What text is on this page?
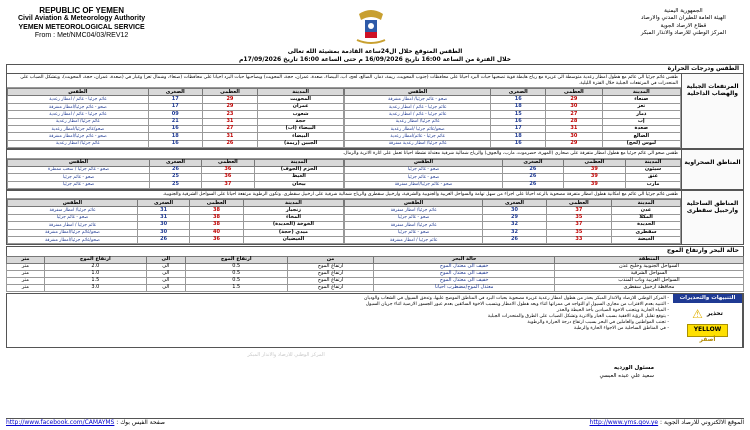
REPUBLIC OF YEMEN
Civil Aviation & Meteorology Authority
YEMEN METEOROLOGICAL SERVICE
From : Met/NMC04/03/REV12
الجمهورية اليمنية
الهيئة العامة للطيران المدني والارصاد
قطاع الارصاد الجوية
المركز الوطني للارصاد والانذار المبكر
الطقس المتوقع خلال ال24ساعة القادمة بمشيئة الله تعالى
خلال الفترة من الساعة 16:00 تاريخ 16/09/2026 م حتى الساعة 16:00 تاريخ 17/09/2026م
الطقس ودرجات الحرارة
المرتفعات الجبلية والهضاب الداخلية
طقس غائم جزئيا الى غائم مع هطول امطار رعدية متوسطة الى غزيرة مع رياح هابطة قوية تصحبها حبات البرد احيانا على محافظات (جنوب المحويت، ريمة، ذمار، الضالع، لحج، اب، البيضاء، صعدة، عمران، حجة، المحويت) ويصاحبها حبات البرد احيانا على محافظات (صنعاء، وشمال تعز) وغبار في (صعدة، عمران، حجة، المحويت)، ويتشكل الضباب على المنحدرات في المرتفعات الجبلية خلال الفترة الليلية.
المدينة	العظمى	الصغرى	الطقس
صنعاء	29	16	صحو - غائم جزئيا/ امطار متفرقة
تعز	30	18	غائم جزئيا - غائم / امطار رعدية
ذمار	27	15	غائم جزئيا - غائم / امطار رعدية
إب	28	16	غائم جزئيا/ امطار رعدية
صعدة	31	17	صحو/غائم جزئيا /امطار رعدية
الضالع	30	18	غائم جزئيا - غائم/امطار رعدية
لبوس (لحج)	29	16	غائم جزئيا/ امطار رعدية متفرقة
المدينة	العظمى	الصغرى	الطقس
المحويت	29	17	غائم جزئيا - غائم / امطار رعدية
عمران	29	17	صحو - غائم جزئيا/امطار متفرقة
شعوب	23	09	غائم جزئيا - غائم / امطار رعدية
حجة	31	21	غائم جزئيا/ امطار رعدية
البيضاء (اب)	27	16	صحو/غائم جزئيا/امطار رعدية
البيضاء	31	18	صحو - غائم جزئيا/امطار متفرقة
الجبين (ريمة)	26	16	غائم جزئيا/ امطار رعدية
المناطق الصحراوية
طقس صحو الى غائم جزئيا مع هطول امطار متفرقة على صحاري (المهرة، حضرموت، مارب، والجوف) والرياح شمالية شرقية معتدلة نشطة احيانا تعمل على اثارة الاتربة والرمال.
المدينة	العظمى	الصغرى	الطقس
سيئون	39	26	صحو - غائم جزئيا
عتق	39	26	صحو - غائم جزئيا
مارب	39	26	صحو - غائم جزئيا/امطار متفرقة
المدينة	العظمى	الصغرى	الطقس
الحزم (الجوف)	36	26	صحو - غائم جزئيا / سحب ممطرة
الغيظ	36	25	صحو - غائم جزئيا
بيحان	37	25	صحو - غائم جزئيا
المناطق الساحلية وارخبيل سقطرى
طقس غائم جزئيا الى غائم مع امكانية هطول امطار متفرقة مصحوبة بالرعد احيانا على اجزاء من سهل تهامة والسواحل الغربية والجنوبية والشرقية، وارخبيل سقطرى والرياح شمالية شرقية على ارخبيل سقطرى. وتكون الرطوبة مرتفعة احيانا على السواحل الشرقية والجنوبية.
المدينة	العظمى	الصغرى	الطقس
عدن	37	30	غائم جزئيا/ امطار متفرقة
المكلا	35	29	صحو - غائم جزئيا
الحديدة	37	32	غائم جزئيا/ امطار متفرقة
سقطرى	35	32	صحو - غائم جزئيا
الغيضة	33	26	غائم جزئيا / امطار متفرقة
المدينة	العظمى	الصغرى	الطقس
زنجبار	38	31	غائم جزئيا/ امطار متفرقة
المخاء	38	31	صحو - غائم جزئيا
الخوخة (الحديدة)	38	30	غائم جزئيا / امطار متفرقة
ميدي (حجة)	40	30	صحو/غائم جزئيا/امطار متفرقة
الغيضيان	36	26	صحو/غائم جزئيا/امطار متفرقة
حالة البحر وارتفاع الموج
المنطقة	حالة البحر	من	ارتفاع الموج	الى	ارتفاع الموج	متر
السواحل الجنوبية وخليج عدن	خفيف الى معتدل الموج	ارتفاع الموج	0.5	الى	2.0	متر
السواحل الشرقية	خفيف الى معتدل الموج	ارتفاع الموج	0.5	الى	1.0	متر
السواحل الغربية وباب المندب	خفيف الى معتدل الموج	ارتفاع الموج	0.5	الى	1.5	متر
محافظة ارخبيل سقطرى	معتدل الموج/مضطرب احيانا	ارتفاع الموج	1.5	الى	3.0	متر
- المركز الوطني للارصاد والانذار المبكر يحذر من هطول امطار رعدية غزيرة مصحوبة بحبات البرد في المناطق الموضح عليها، وتدفق السيول في الشعاب والوديان
- التنبيه بعدم الاقتراب من مجاري السيول او التواجد في ممراتها اثناء وبعد هطول الامطار ويتسبب الاخوة السائقين بعدم عبور الجسور الارضية اثناء جريان السيول
- المياه الجارية ويتجنب الاخوة الصيادين بأخذ الحيطة والحذر
- يتوقع تقليل الرؤية الافقية بسبب الغبار والاتربة وتشكل الضباب على الطرق والمنحدرات الجبلية
- تجنب المواطنين والعاملين في البحر بسبب ارتفاع درجة الحرارة والرطوبة
- في المناطق الساحلية من الاجواء الحارة والرطبة
التنبيهات والتحذيرات
⚠ تحذير
YELLOW
أصفر
المركز الوطني للارصاد والانذار المبكر
مسئول الورديه
سعيد علي عبده العبسي
http://www.facebook.com/CAMAYMS صفحة الفيس بوك :	http://www.yms.gov.ye الموقع الالكتروني للارصاد الجوية :
